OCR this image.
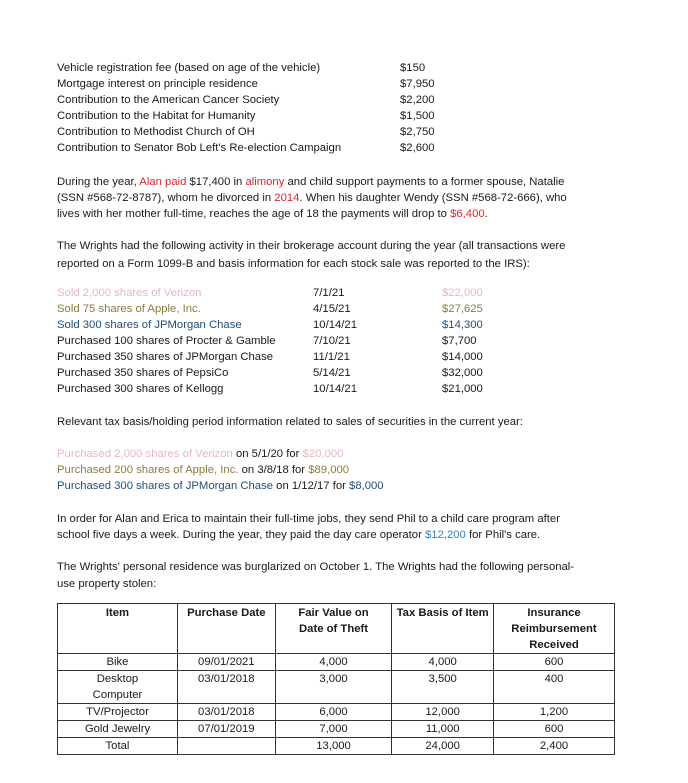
Vehicle registration fee (based on age of the vehicle)	$150
Mortgage interest on principle residence	$7,950
Contribution to the American Cancer Society	$2,200
Contribution to the Habitat for Humanity	$1,500
Contribution to Methodist Church of OH	$2,750
Contribution to Senator Bob Left's Re-election Campaign	$2,600
During the year, Alan paid $17,400 in alimony and child support payments to a former spouse, Natalie
(SSN #568-72-8787), whom he divorced in 2014. When his daughter Wendy (SSN #568-72-666), who
lives with her mother full-time, reaches the age of 18 the payments will drop to $6,400.
The Wrights had the following activity in their brokerage account during the year (all transactions were
reported on a Form 1099-B and basis information for each stock sale was reported to the IRS):
Sold 2,000 shares of Verizon	7/1/21	$22,000
Sold 75 shares of Apple, Inc.	4/15/21	$27,625
Sold 300 shares of JPMorgan Chase	10/14/21	$14,300
Purchased 100 shares of Procter & Gamble	7/10/21	$7,700
Purchased 350 shares of JPMorgan Chase	11/1/21	$14,000
Purchased 350 shares of PepsiCo	5/14/21	$32,000
Purchased 300 shares of Kellogg	10/14/21	$21,000
Relevant tax basis/holding period information related to sales of securities in the current year:
Purchased 2,000 shares of Verizon on 5/1/20 for $20,000
Purchased 200 shares of Apple, Inc. on 3/8/18 for $89,000
Purchased 300 shares of JPMorgan Chase on 1/12/17 for $8,000
In order for Alan and Erica to maintain their full-time jobs, they send Phil to a child care program after
school five days a week. During the year, they paid the day care operator $12,200 for Phil's care.
The Wrights' personal residence was burglarized on October 1. The Wrights had the following personal-
use property stolen:
Item	Purchase Date	Fair Value on Date of Theft	Tax Basis of Item	Insurance Reimbursement Received
Bike	09/01/2021	4,000	4,000	600
Desktop Computer	03/01/2018	3,000	3,500	400
TV/Projector	03/01/2018	6,000	12,000	1,200
Gold Jewelry	07/01/2019	7,000	11,000	600
Total		13,000	24,000	2,400
